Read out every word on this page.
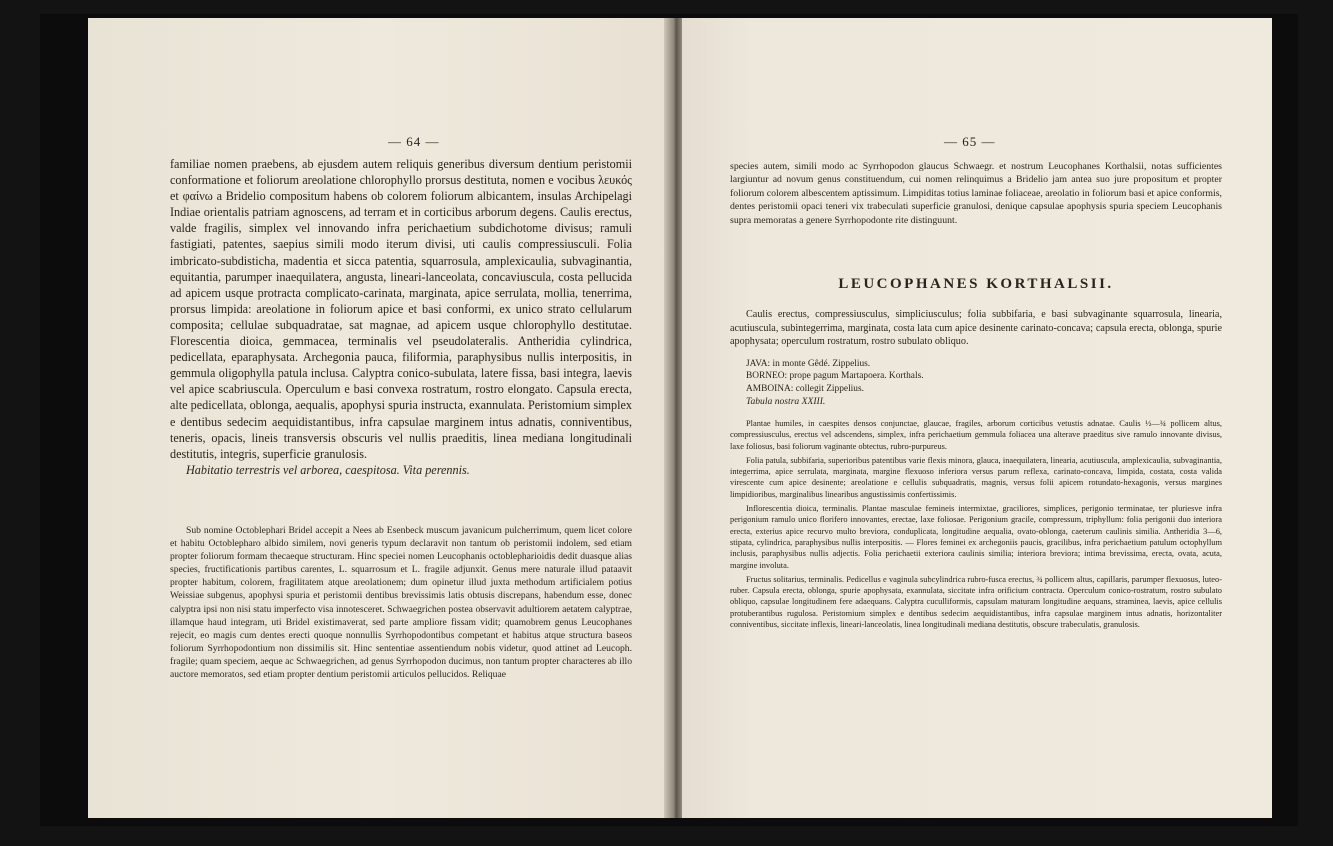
— 64 —

familiae nomen praebens, ab ejusdem autem reliquis generibus diversum dentium peristomii conformatione et foliorum areolatione chlorophyllo prorsus destituta, nomen e vocibus λευκός et φαίνω a Bridelio compositum habens ob colorem foliorum albicantem, insulas Archipelagi Indiae orientalis patriam agnoscens, ad terram et in corticibus arborum degens. Caulis erectus, valde fragilis, simplex vel innovando infra perichaetium subdichotome divisus; ramuli fastigiati, patentes, saepius simili modo iterum divisi, uti caulis compressiusculi. Folia imbricato-subdisticha, madentia et sicca patentia, squarrosula, amplexicaulia, subvaginantia, equitantia, parumper inaequilatera, angusta, lineari-lanceolata, concaviuscula, costa pellucida ad apicem usque protracta complicato-carinata, marginata, apice serrulata, mollia, tenerrima, prorsus limpida: areolatione in foliorum apice et basi conformi, ex unico strato cellularum composita; cellulae subquadratae, sat magnae, ad apicem usque chlorophyllo destitutae. Florescentia dioica, gemmacea, terminalis vel pseudolateralis. Antheridia cylindrica, pedicellata, eparaphysata. Archegonia pauca, filiformia, paraphysibus nullis interpositis, in gemmula oligophylla patula inclusa. Calyptra conico-subulata, latere fissa, basi integra, laevis vel apice scabriuscula. Operculum e basi convexa rostratum, rostro elongato. Capsula erecta, alte pedicellata, oblonga, aequalis, apophysi spuria instructa, exannulata. Peristomium simplex e dentibus sedecim aequidistantibus, infra capsulae marginem intus adnatis, conniventibus, teneris, opacis, lineis transversis obscuris vel nullis praeditis, linea mediana longitudinali destitutis, integris, superficie granulosis.

Habitatio terrestris vel arborea, caespitosa. Vita perennis.

Sub nomine Octoblephari Bridel accepit a Nees ab Esenbeck muscum javanicum pulcherrimum, quem licet colore et habitu Octoblepharo albido similem, novi generis typum declaravit non tantum ob peristomii indolem, sed etiam propter foliorum formam thecaeque structuram. Hinc speciei nomen Leucophanis octoblepharioidis dedit duasque alias species, fructificationis partibus carentes, L. squarrosum et L. fragile adjunxit. Genus mere naturale illud pataavit propter habitum, colorem, fragilitatem atque areolationem; dum opinetur illud juxta methodum artificialem potius Weissiae subgenus, apophysi spuria et peristomii dentibus brevissimis latis obtusis discrepans, habendum esse, donec calyptra ipsi non nisi statu imperfecto visa innotesceret. Schwaegrichen postea observavit adultiorem aetatem calyptrae, illamque haud integram, uti Bridel existimaverat, sed parte ampliore fissam vidit; quamobrem genus Leucophanes rejecit, eo magis cum dentes erecti quoque nonnullis Syrrhopodontibus competant et habitus atque structura baseos foliorum Syrrhopodontium non dissimilis sit. Hinc sententiae assentiendum nobis videtur, quod attinet ad Leucoph. fragile; quam speciem, aeque ac Schwaegrichen, ad genus Syrrhopodon ducimus, non tantum propter characteres ab illo auctore memoratos, sed etiam propter dentium peristomii articulos pellucidos. Reliquae

— 65 —

species autem, simili modo ac Syrrhopodon glaucus Schwaegr. et nostrum Leucophanes Korthalsii, notas sufficientes largiuntur ad novum genus constituendum, cui nomen relinquimus a Bridelio jam antea suo jure propositum et propter foliorum colorem albescentem aptissimum. Limpiditas totius laminae foliaceae, areolatio in foliorum basi et apice conformis, dentes peristomii opaci teneri vix trabeculati superficie granulosi, denique capsulae apophysis spuria speciem Leucophanis supra memoratas a genere Syrrhopodonte rite distinguunt.

LEUCOPHANES KORTHALSII.

Caulis erectus, compressiusculus, simpliciusculus; folia subbifaria, e basi subvaginante squarrosula, linearia, acutiuscula, subintegerrima, marginata, costa lata cum apice desinente carinato-concava; capsula erecta, oblonga, spurie apophysata; operculum rostratum, rostro subulato obliquo.

JAVA: in monte Gêdé. Zippelius.
BORNEO: prope pagum Martapoera. Korthals.
AMBOINA: collegit Zippelius.
Tabula nostra XXIII.

Plantae humiles, in caespites densos conjunctae, glaucae, fragiles, arborum corticibus vetustis adnatae. Caulis ½—¾ pollicem altus, compressiusculus, erectus vel adscendens, simplex, infra perichaetium gemmula foliacea una alterave praeditus sive ramulo innovante divisus, laxe foliosus, basi foliorum vaginante obtectus, rubro-purpureus.

Folia patula, subbifaria, superioribus patentibus varie flexis minora, glauca, inaequilatera, linearia, acutiuscula, amplexicaulia, subvaginantia, integerrima, apice serrulata, marginata, margine flexuoso inferiora versus parum reflexa, carinato-concava, limpida, costata, costa valida virescente cum apice desinente; areolatione e cellulis subquadratis, magnis, versus folii apicem rotundato-hexagonis, versus margines limpidioribus, marginalibus linearibus angustissimis confertissimis.

Inflorescentia dioica, terminalis. Plantae masculae femineis intermixtae, graciliores, simplices, perigonio terminatae, ter pluriesve infra perigonium ramulo unico florifero innovantes, erectae, laxe foliosae. Perigonium gracile, compressum, triphyllum: folia perigonii duo interiora erecta, exterius apice recurvo multo breviora, conduplicata, longitudine aequalia, ovato-oblonga, caeterum caulinis similia. Antheridia 3—6, stipata, cylindrica, paraphysibus nullis interpositis. — Flores feminei ex archegoniis paucis, gracilibus, infra perichaetium patulum octophyllum inclusis, paraphysibus nullis adjectis. Folia perichaetii exteriora caulinis similia; interiora breviora; intima brevissima, erecta, ovata, acuta, margine involuta.

Fructus solitarius, terminalis. Pedicellus e vaginula subcylindrica rubro-fusca erectus, ¾ pollicem altus, capillaris, parumper flexuosus, luteo-ruber. Capsula erecta, oblonga, spurie apophysata, exannulata, siccitate infra orificium contracta. Operculum conico-rostratum, rostro subulato obliquo, capsulae longitudinem fere adaequans. Calyptra cuculliformis, capsulam maturam longitudine aequans, straminea, laevis, apice cellulis protuberantibus rugulosa. Peristomium simplex e dentibus sedecim aequidistantibus, infra capsulae marginem intus adnatis, horizontaliter conniventibus, siccitate inflexis, lineari-lanceolatis, linea longitudinali mediana destitutis, obscure trabeculatis, granulosis.
